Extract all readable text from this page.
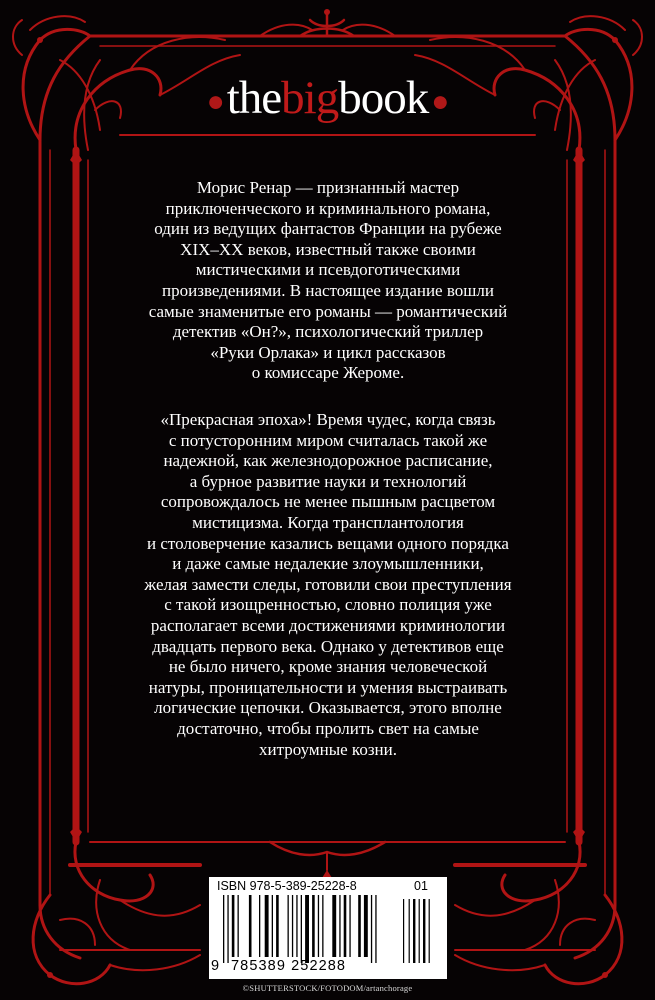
●thebigbook ●
Морис Ренар — признанный мастер
приключенческого и криминального романа,
один из ведущих фантастов Франции на рубеже
XIX–XX веков, известный также своими
мистическими и псевдоготическими
произведениями. В настоящее издание вошли
самые знаменитые его романы — романтический
детектив «Он?», психологический триллер
«Руки Орлака» и цикл рассказов
о комиссаре Жероме.
«Прекрасная эпоха»! Время чудес, когда связь
с потусторонним миром считалась такой же
надежной, как железнодорожное расписание,
а бурное развитие науки и технологий
сопровождалось не менее пышным расцветом
мистицизма. Когда трансплантология
и столоверчение казались вещами одного порядка
и даже самые недалекие злоумышленники,
желая замести следы, готовили свои преступления
с такой изощренностью, словно полиция уже
располагает всеми достижениями криминологии
двадцать первого века. Однако у детективов еще
не было ничего, кроме знания человеческой
натуры, проницательности и умения выстраивать
логические цепочки. Оказывается, этого вполне
достаточно, чтобы пролить свет на самые
хитроумные козни.
ISBN 978-5-389-25228-8	01
9 785389 252288
©SHUTTERSTOCK/FOTODOM/artanchorage
